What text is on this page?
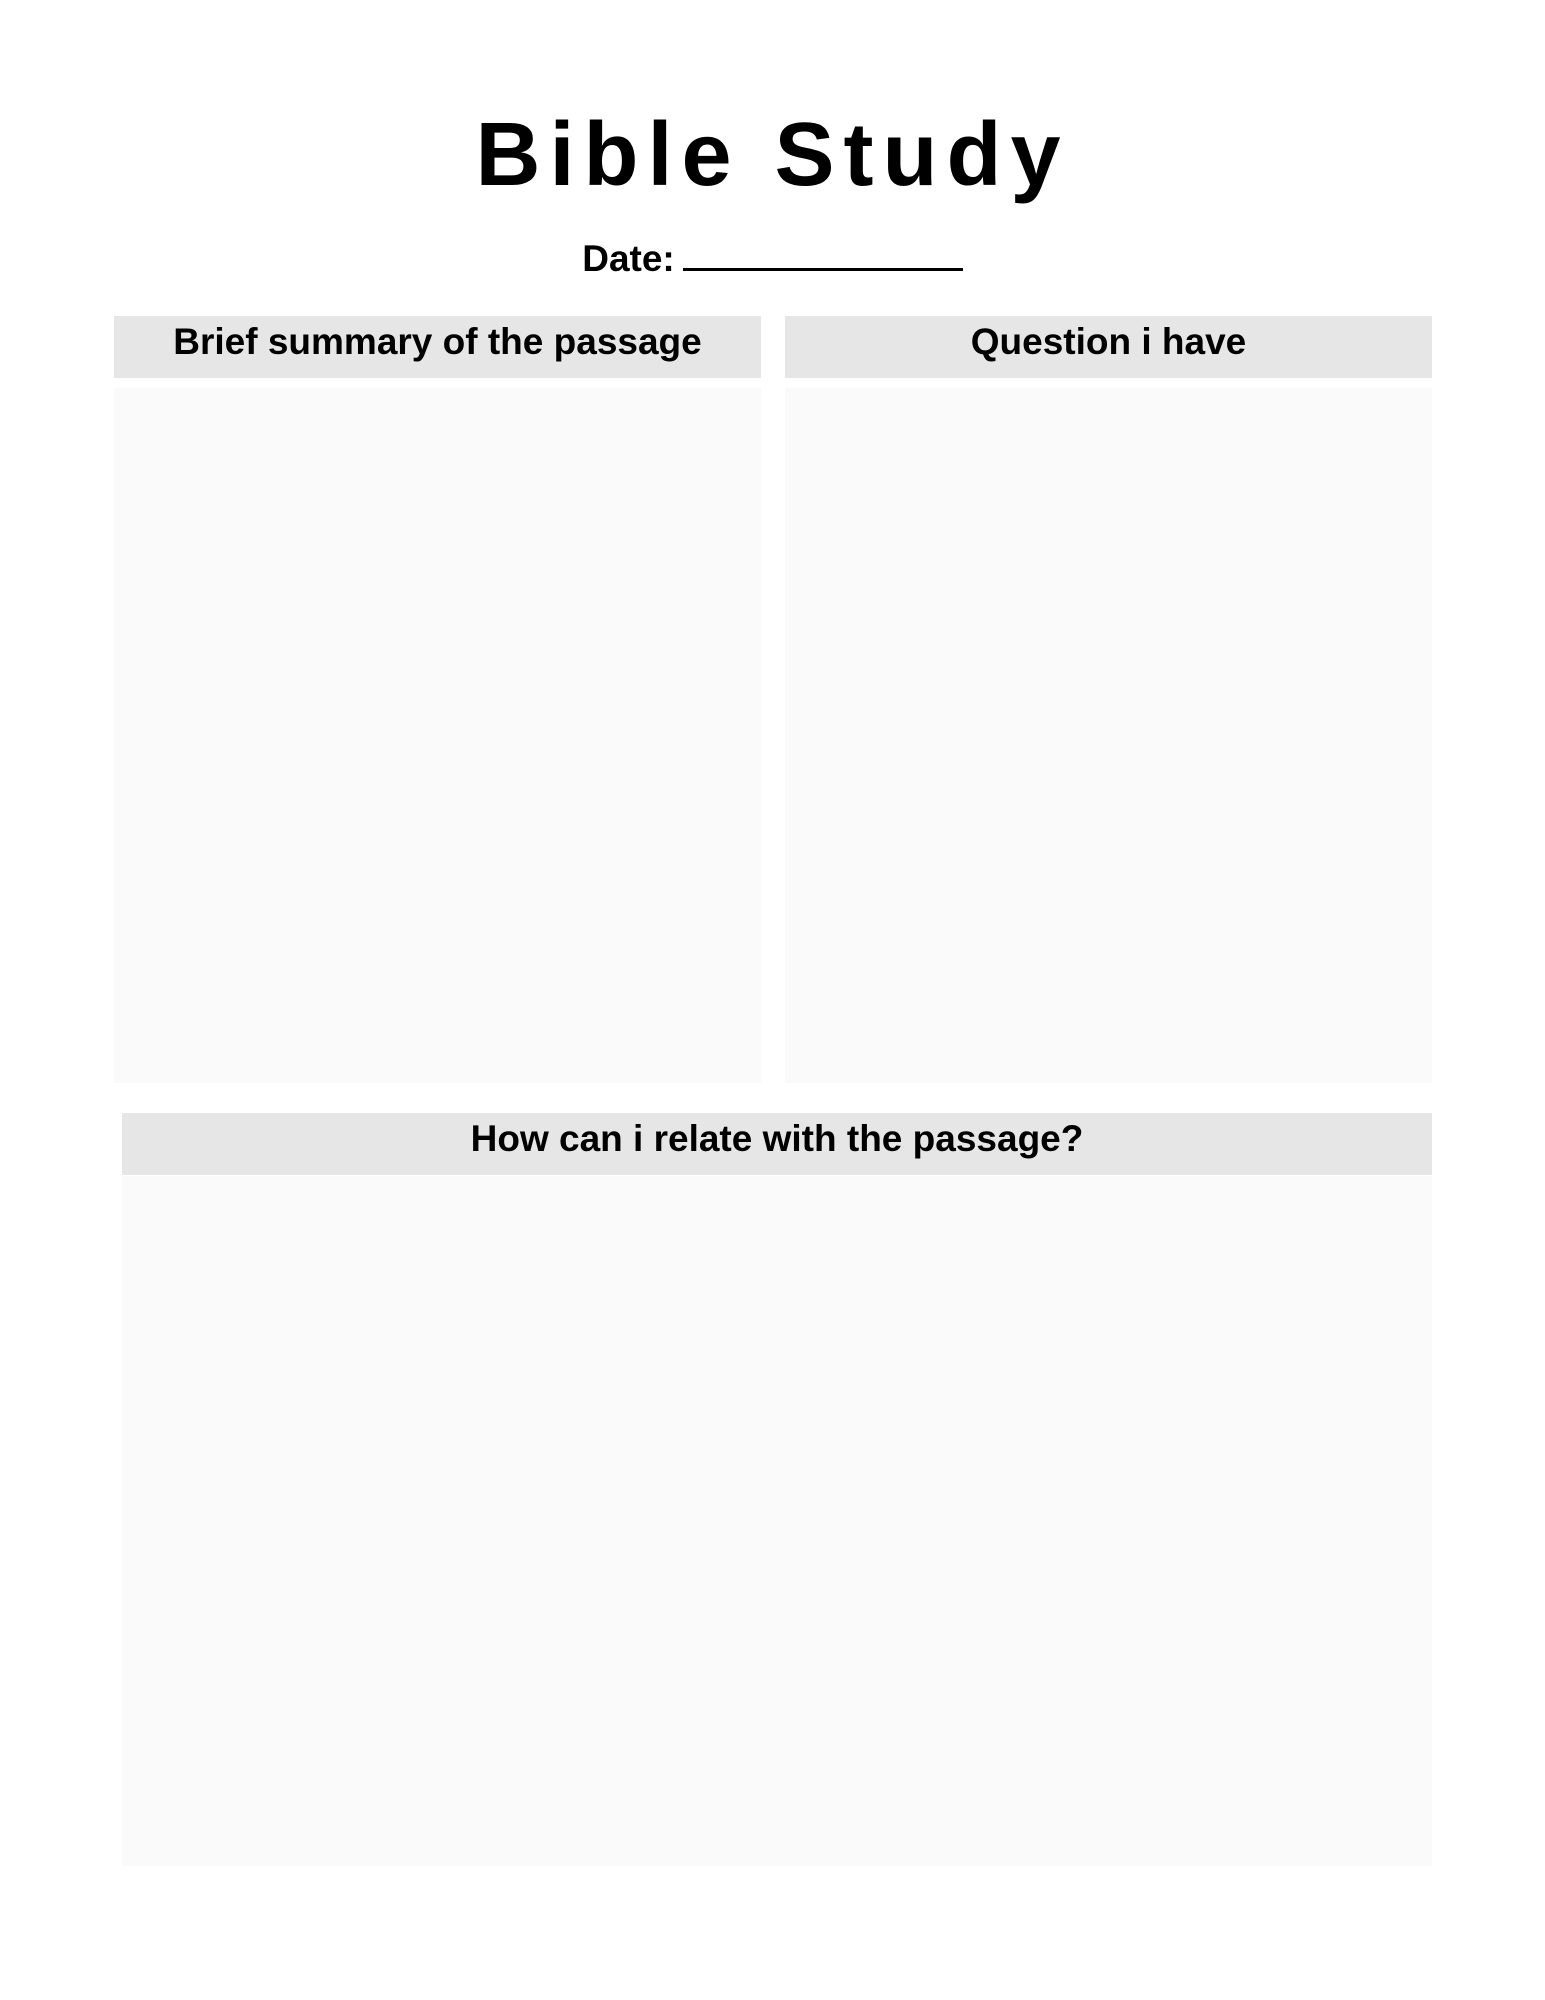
Bible Study
Date:
Brief summary of the passage	Question i have
How can i relate with the passage?
